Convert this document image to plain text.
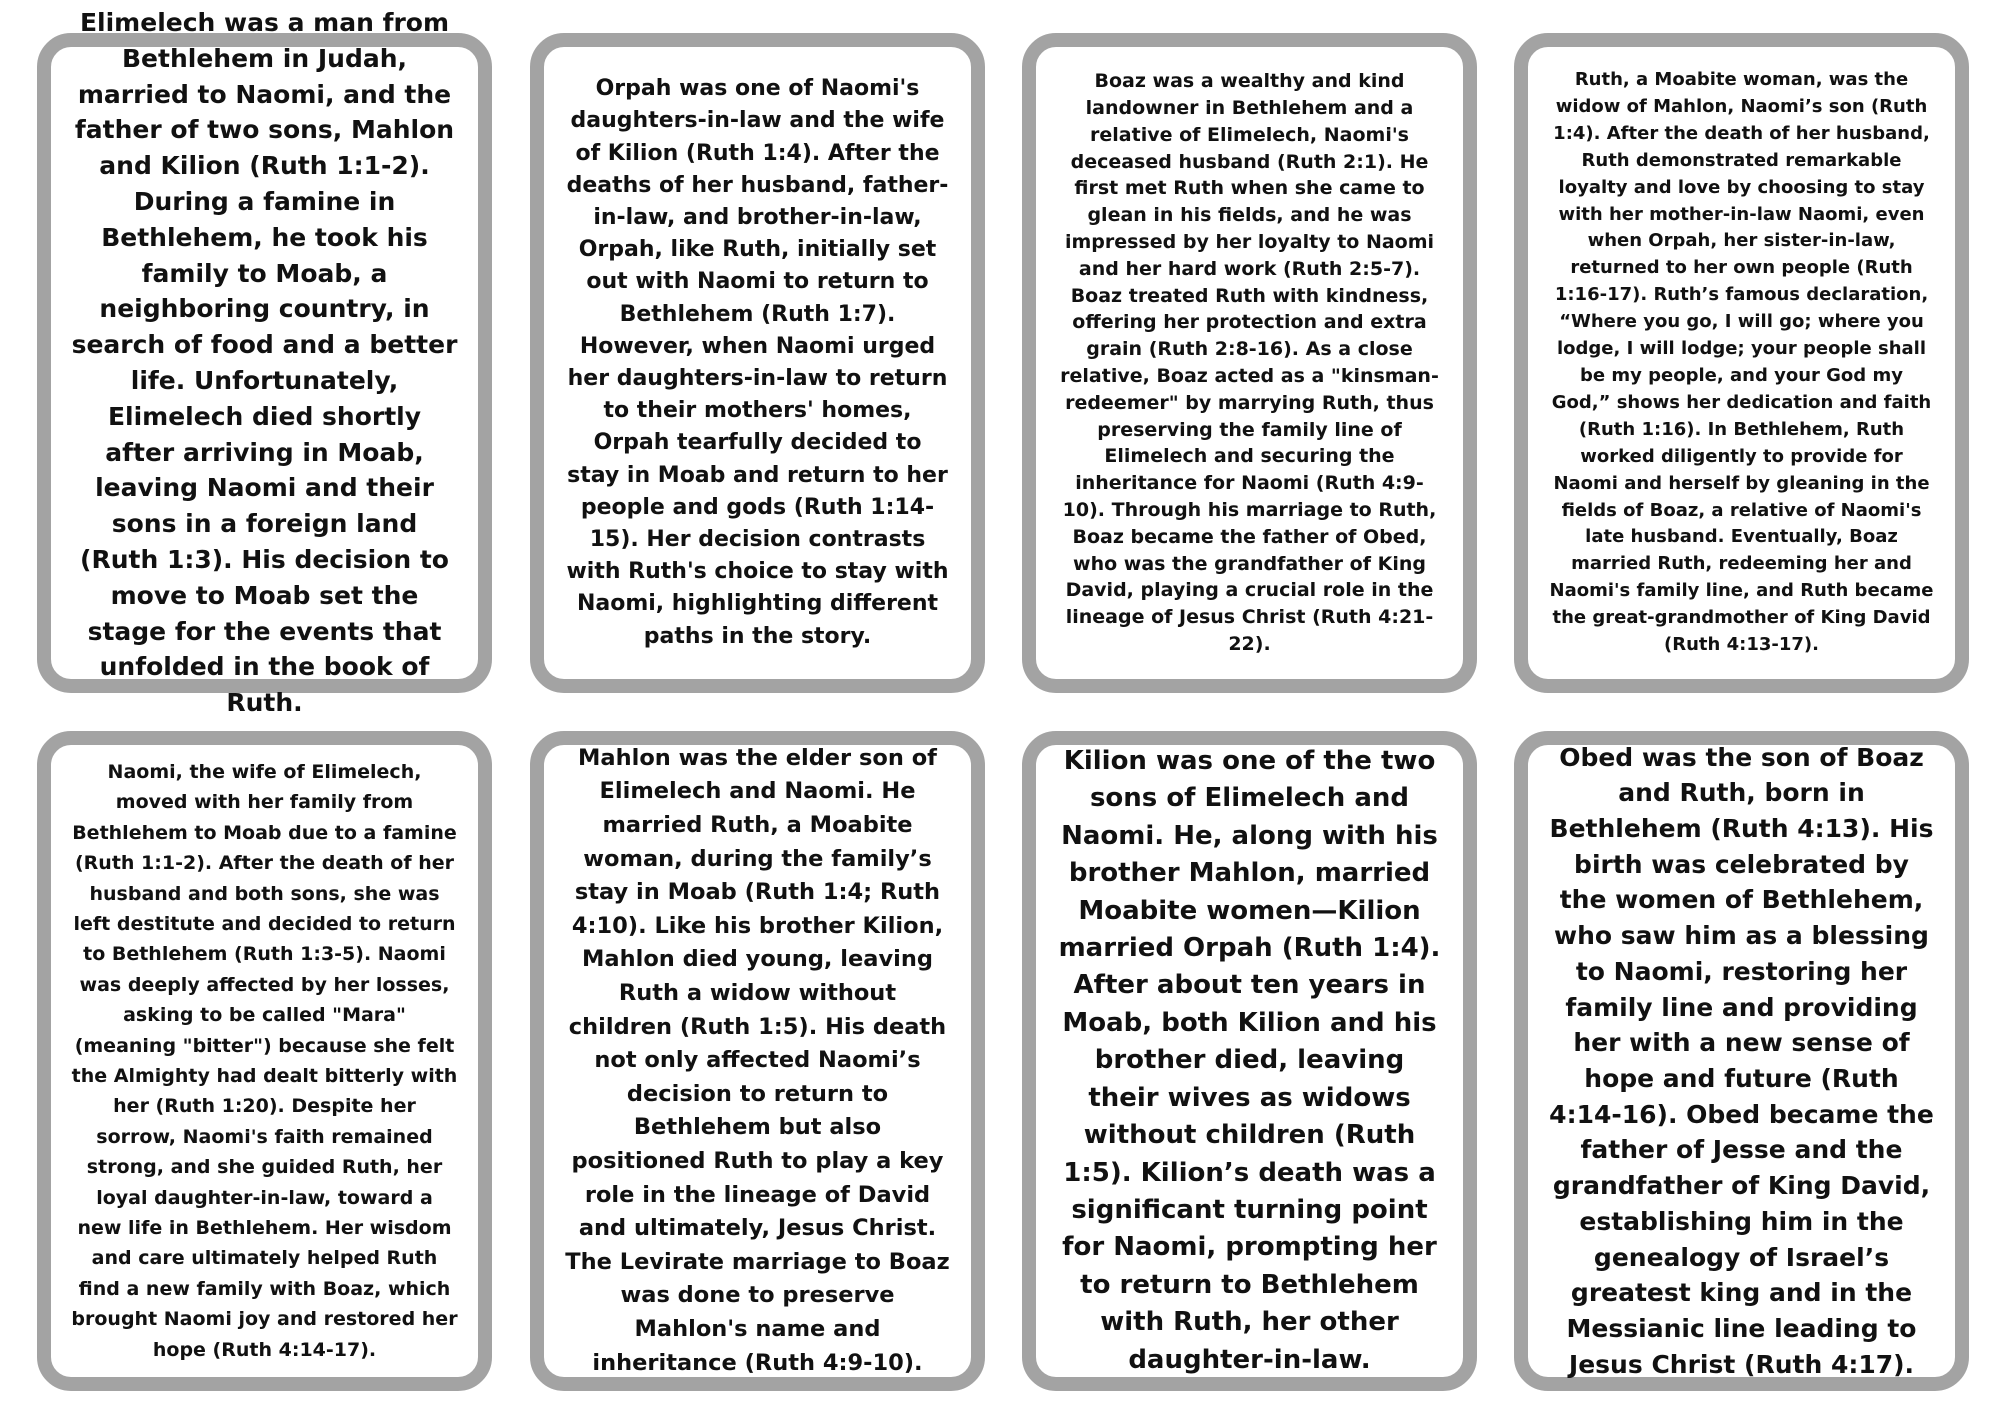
Elimelech was a man from Bethlehem in Judah, married to Naomi, and the father of two sons, Mahlon and Kilion (Ruth 1:1-2). During a famine in Bethlehem, he took his family to Moab, a neighboring country, in search of food and a better life. Unfortunately, Elimelech died shortly after arriving in Moab, leaving Naomi and their sons in a foreign land (Ruth 1:3). His decision to move to Moab set the stage for the events that unfolded in the book of Ruth.

Orpah was one of Naomi's daughters-in-law and the wife of Kilion (Ruth 1:4). After the deaths of her husband, father-in-law, and brother-in-law, Orpah, like Ruth, initially set out with Naomi to return to Bethlehem (Ruth 1:7). However, when Naomi urged her daughters-in-law to return to their mothers' homes, Orpah tearfully decided to stay in Moab and return to her people and gods (Ruth 1:14-15). Her decision contrasts with Ruth's choice to stay with Naomi, highlighting different paths in the story.

Boaz was a wealthy and kind landowner in Bethlehem and a relative of Elimelech, Naomi's deceased husband (Ruth 2:1). He first met Ruth when she came to glean in his fields, and he was impressed by her loyalty to Naomi and her hard work (Ruth 2:5-7). Boaz treated Ruth with kindness, offering her protection and extra grain (Ruth 2:8-16). As a close relative, Boaz acted as a "kinsman-redeemer" by marrying Ruth, thus preserving the family line of Elimelech and securing the inheritance for Naomi (Ruth 4:9-10). Through his marriage to Ruth, Boaz became the father of Obed, who was the grandfather of King David, playing a crucial role in the lineage of Jesus Christ (Ruth 4:21-22).

Ruth, a Moabite woman, was the widow of Mahlon, Naomi’s son (Ruth 1:4). After the death of her husband, Ruth demonstrated remarkable loyalty and love by choosing to stay with her mother-in-law Naomi, even when Orpah, her sister-in-law, returned to her own people (Ruth 1:16-17). Ruth’s famous declaration, “Where you go, I will go; where you lodge, I will lodge; your people shall be my people, and your God my God,” shows her dedication and faith (Ruth 1:16). In Bethlehem, Ruth worked diligently to provide for Naomi and herself by gleaning in the fields of Boaz, a relative of Naomi's late husband. Eventually, Boaz married Ruth, redeeming her and Naomi's family line, and Ruth became the great-grandmother of King David (Ruth 4:13-17).

Naomi, the wife of Elimelech, moved with her family from Bethlehem to Moab due to a famine (Ruth 1:1-2). After the death of her husband and both sons, she was left destitute and decided to return to Bethlehem (Ruth 1:3-5). Naomi was deeply affected by her losses, asking to be called "Mara" (meaning "bitter") because she felt the Almighty had dealt bitterly with her (Ruth 1:20). Despite her sorrow, Naomi's faith remained strong, and she guided Ruth, her loyal daughter-in-law, toward a new life in Bethlehem. Her wisdom and care ultimately helped Ruth find a new family with Boaz, which brought Naomi joy and restored her hope (Ruth 4:14-17).

Mahlon was the elder son of Elimelech and Naomi. He married Ruth, a Moabite woman, during the family’s stay in Moab (Ruth 1:4; Ruth 4:10). Like his brother Kilion, Mahlon died young, leaving Ruth a widow without children (Ruth 1:5). His death not only affected Naomi’s decision to return to Bethlehem but also positioned Ruth to play a key role in the lineage of David and ultimately, Jesus Christ. The Levirate marriage to Boaz was done to preserve Mahlon's name and inheritance (Ruth 4:9-10).

Kilion was one of the two sons of Elimelech and Naomi. He, along with his brother Mahlon, married Moabite women—Kilion married Orpah (Ruth 1:4). After about ten years in Moab, both Kilion and his brother died, leaving their wives as widows without children (Ruth 1:5). Kilion’s death was a significant turning point for Naomi, prompting her to return to Bethlehem with Ruth, her other daughter-in-law.

Obed was the son of Boaz and Ruth, born in Bethlehem (Ruth 4:13). His birth was celebrated by the women of Bethlehem, who saw him as a blessing to Naomi, restoring her family line and providing her with a new sense of hope and future (Ruth 4:14-16). Obed became the father of Jesse and the grandfather of King David, establishing him in the genealogy of Israel’s greatest king and in the Messianic line leading to Jesus Christ (Ruth 4:17).
